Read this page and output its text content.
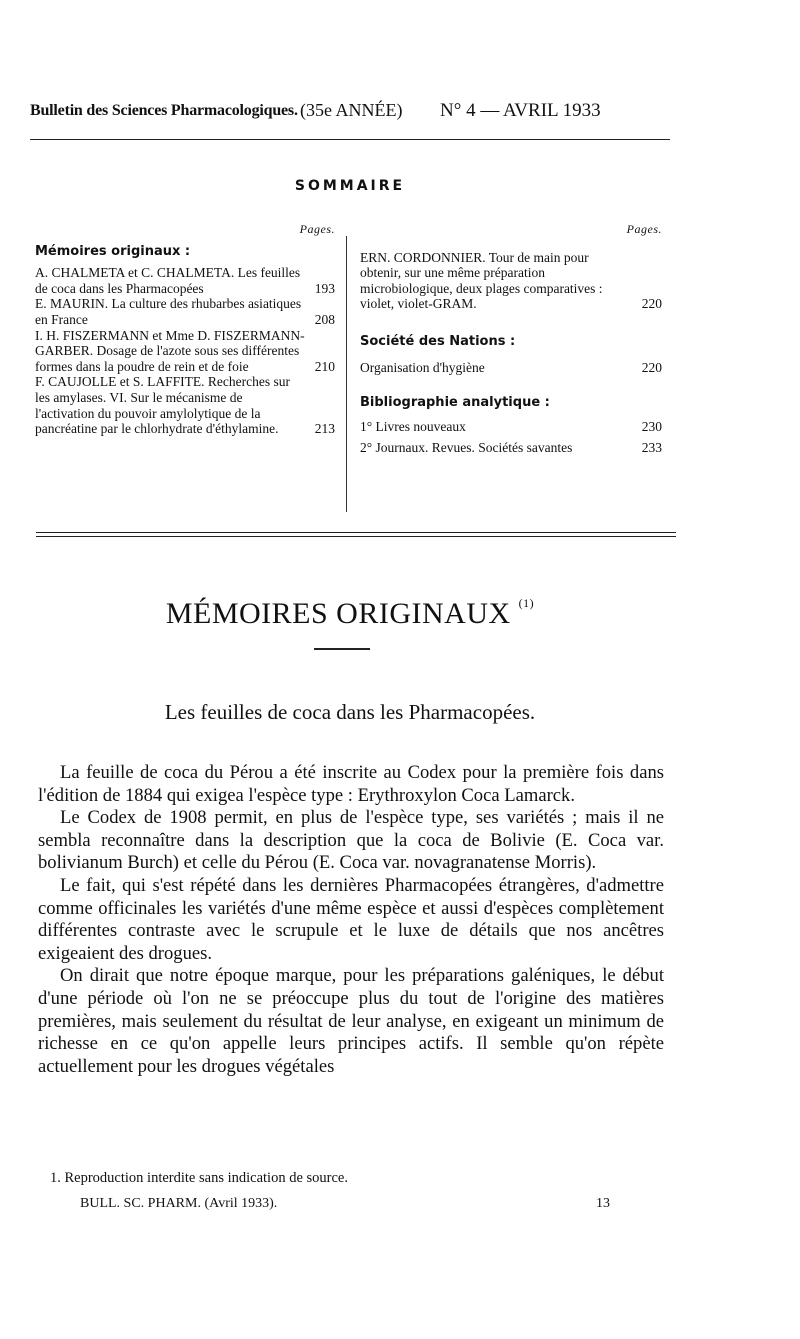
Bulletin des Sciences Pharmacologiques. (35e ANNÉE) N° 4 — AVRIL 1933
SOMMAIRE
Pages.
Mémoires originaux :
A. CHALMETA et C. CHALMETA. Les feuilles de coca dans les Pharmacopées	193
E. MAURIN. La culture des rhubarbes asiatiques en France	208
I. H. FISZERMANN et Mme D. FISZERMANN-GARBER. Dosage de l'azote sous ses différentes formes dans la poudre de rein et de foie	210
F. CAUJOLLE et S. LAFFITE. Recherches sur les amylases. VI. Sur le mécanisme de l'activation du pouvoir amylolytique de la pancréatine par le chlorhydrate d'éthylamine.	213
Pages.
ERN. CORDONNIER. Tour de main pour obtenir, sur une même préparation microbiologique, deux plages comparatives : violet, violet-GRAM.	220
Société des Nations :
Organisation d'hygiène	220
Bibliographie analytique :
1° Livres nouveaux	230
2° Journaux. Revues. Sociétés savantes	233
MÉMOIRES ORIGINAUX $^{(1)}$
Les feuilles de coca dans les Pharmacopées.

La feuille de coca du Pérou a été inscrite au Codex pour la première fois dans l'édition de 1884 qui exigea l'espèce type : Erythroxylon Coca Lamarck.

Le Codex de 1908 permit, en plus de l'espèce type, ses variétés ; mais il ne sembla reconnaître dans la description que la coca de Bolivie (E. Coca var. bolivianum Burch) et celle du Pérou (E. Coca var. novagranatense Morris).

Le fait, qui s'est répété dans les dernières Pharmacopées étrangères, d'admettre comme officinales les variétés d'une même espèce et aussi d'espèces complètement différentes contraste avec le scrupule et le luxe de détails que nos ancêtres exigeaient des drogues.

On dirait que notre époque marque, pour les préparations galéniques, le début d'une période où l'on ne se préoccupe plus du tout de l'origine des matières premières, mais seulement du résultat de leur analyse, en exigeant un minimum de richesse en ce qu'on appelle leurs principes actifs. Il semble qu'on répète actuellement pour les drogues végétales

1. Reproduction interdite sans indication de source.
BULL. SC. PHARM. (Avril 1933).	13
